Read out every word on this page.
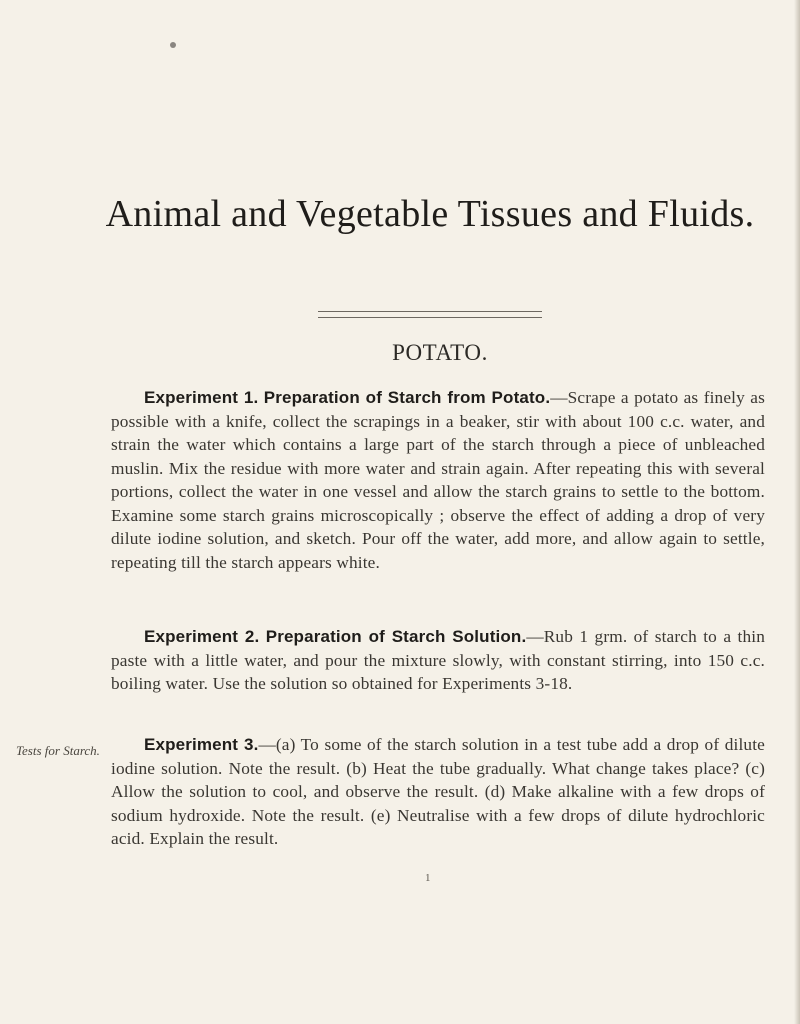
Animal and Vegetable Tissues and Fluids.
POTATO.

Experiment 1. Preparation of Starch from Potato.—Scrape a potato as finely as possible with a knife, collect the scrapings in a beaker, stir with about 100 c.c. water, and strain the water which contains a large part of the starch through a piece of unbleached muslin. Mix the residue with more water and strain again. After repeating this with several portions, collect the water in one vessel and allow the starch grains to settle to the bottom. Examine some starch grains microscopically ; observe the effect of adding a drop of very dilute iodine solution, and sketch. Pour off the water, add more, and allow again to settle, repeating till the starch appears white.

Experiment 2. Preparation of Starch Solution.—Rub 1 grm. of starch to a thin paste with a little water, and pour the mixture slowly, with constant stirring, into 150 c.c. boiling water. Use the solution so obtained for Experiments 3-18.

Tests for Starch.	Experiment 3.—(a) To some of the starch solution in a test tube add a drop of dilute iodine solution. Note the result. (b) Heat the tube gradually. What change takes place? (c) Allow the solution to cool, and observe the result. (d) Make alkaline with a few drops of sodium hydroxide. Note the result. (e) Neutralise with a few drops of dilute hydrochloric acid. Explain the result.

1
